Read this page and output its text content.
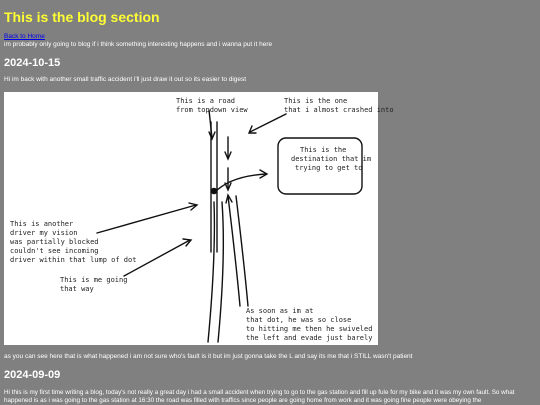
This is the blog section
Back to Home
im probably only going to blog if i think something interesting happens and i wanna put it here
2024-10-15
Hi im back with another small traffic accident i'll just draw it out so its easier to digest
This is a road
from topdown view
This is the one
that i almost crashed into
This is the
destination that im
trying to get to
This is another
driver my vision
was partially blocked
couldn't see incoming
driver within that lump of dot
This is me going
that way
As soon as im at
that dot, he was so close
to hitting me then he swiveled
the left and evade just barely
as you can see here that is what happened i am not sure who's fault is it but im just gonna take the L and say its me that i STILL wasn't patient
2024-09-09
Hi this is my first time writing a blog, today's not really a great day i had a small accident when trying to go to the gas station and fill up fule for my bike and it was my own fault. So what happened is as i was going to the gas station at 16:30 the road was filled with traffics since people are going home from work and it was going fine people were obeying the
